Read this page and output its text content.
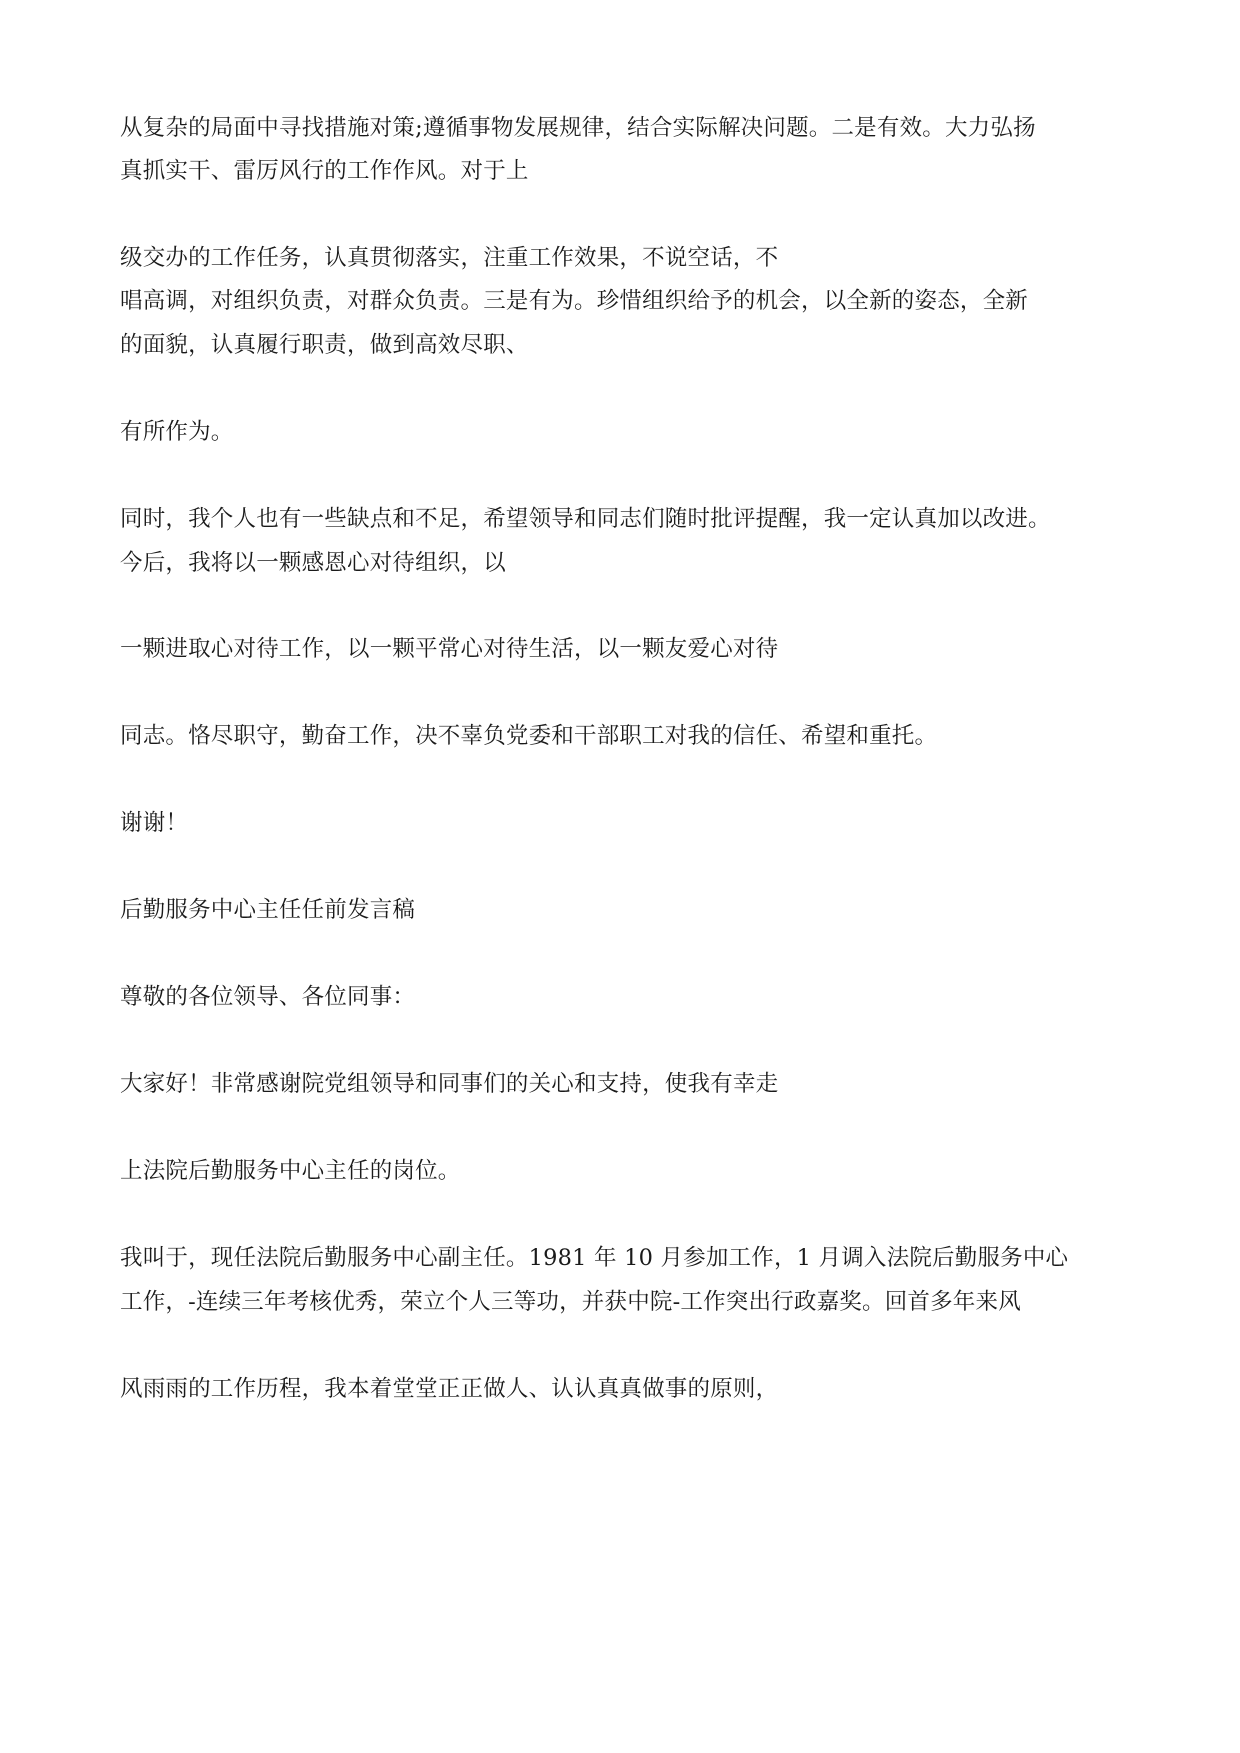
从复杂的局面中寻找措施对策;遵循事物发展规律，结合实际解决问题。二是有效。大力弘扬

真抓实干、雷厉风行的工作作风。对于上

级交办的工作任务，认真贯彻落实，注重工作效果，不说空话，不

唱高调，对组织负责，对群众负责。三是有为。珍惜组织给予的机会，以全新的姿态，全新

的面貌，认真履行职责，做到高效尽职、

有所作为。

同时，我个人也有一些缺点和不足，希望领导和同志们随时批评提醒，我一定认真加以改进。

今后，我将以一颗感恩心对待组织，以

一颗进取心对待工作，以一颗平常心对待生活，以一颗友爱心对待

同志。恪尽职守，勤奋工作，决不辜负党委和干部职工对我的信任、希望和重托。

谢谢！

后勤服务中心主任任前发言稿

尊敬的各位领导、各位同事：

大家好！非常感谢院党组领导和同事们的关心和支持，使我有幸走

上法院后勤服务中心主任的岗位。

我叫于，现任法院后勤服务中心副主任。1981 年 10 月参加工作，1 月调入法院后勤服务中心

工作，-连续三年考核优秀，荣立个人三等功，并获中院-工作突出行政嘉奖。回首多年来风

风雨雨的工作历程，我本着堂堂正正做人、认认真真做事的原则，
